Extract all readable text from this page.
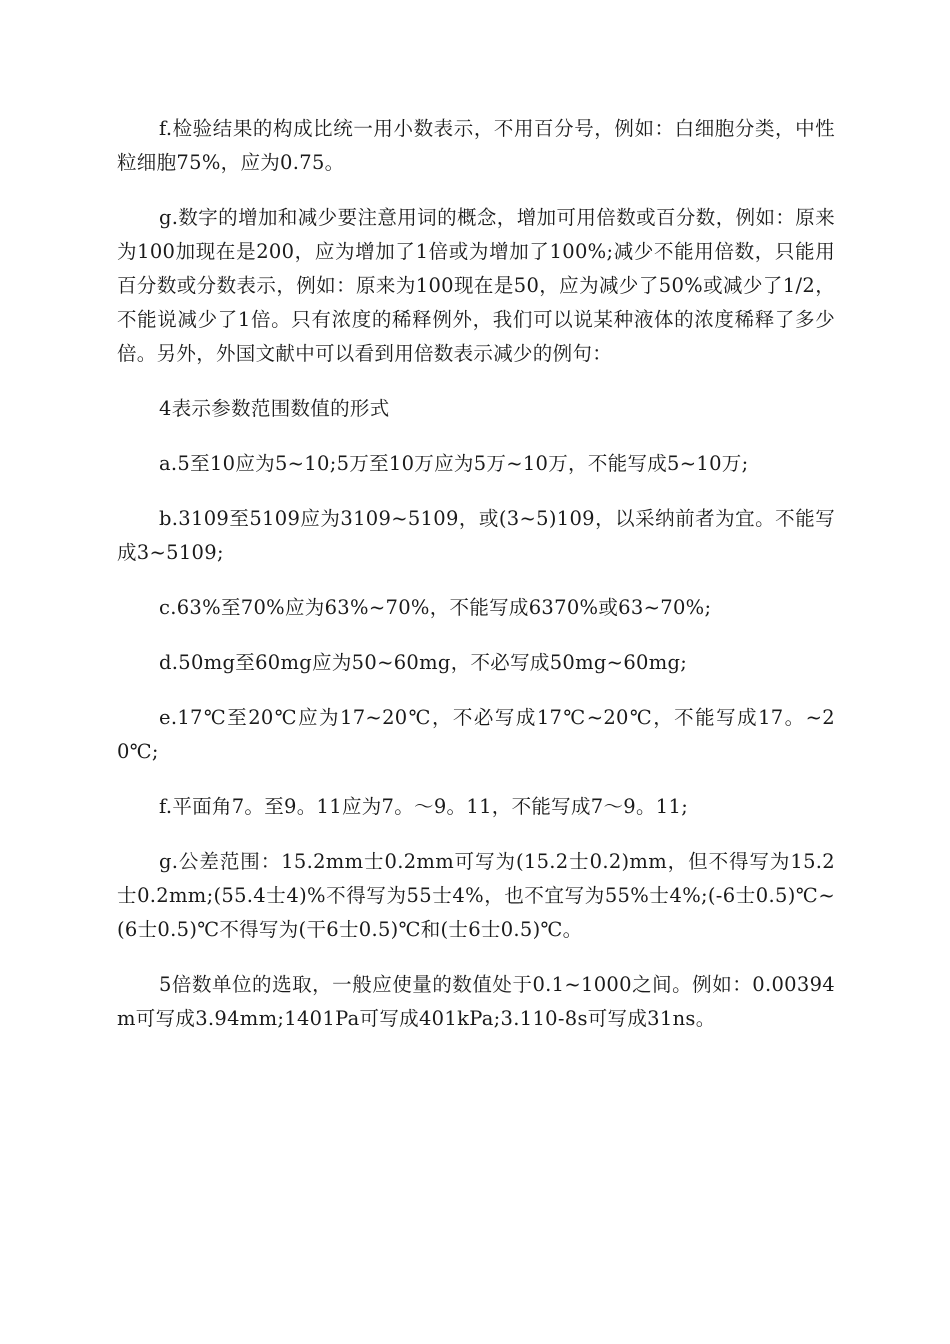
f.检验结果的构成比统一用小数表示，不用百分号，例如：白细胞分类，中性粒细胞75%，应为0.75。

g.数字的增加和减少要注意用词的概念，增加可用倍数或百分数，例如：原来为100加现在是200，应为增加了1倍或为增加了100%;减少不能用倍数，只能用百分数或分数表示，例如：原来为100现在是50，应为减少了50%或减少了1/2，不能说减少了1倍。只有浓度的稀释例外，我们可以说某种液体的浓度稀释了多少倍。另外，外国文献中可以看到用倍数表示减少的例句：

4表示参数范围数值的形式

a.5至10应为5~10;5万至10万应为5万~10万，不能写成5~10万;

b.3109至5109应为3109~5109，或(3~5)109，以采纳前者为宜。不能写成3~5109;

c.63%至70%应为63%~70%，不能写成6370%或63~70%;

d.50mg至60mg应为50~60mg，不必写成50mg~60mg;

e.17℃至20℃应为17~20℃，不必写成17℃~20℃，不能写成17。~20℃;

f.平面角7。至9。11应为7。～9。11，不能写成7～9。11;

g.公差范围：15.2mm士0.2mm可写为(15.2士0.2)mm，但不得写为15.2士0.2mm;(55.4士4)%不得写为55士4%，也不宜写为55%士4%;(-6士0.5)℃~(6士0.5)℃不得写为(干6士0.5)℃和(士6士0.5)℃。

5倍数单位的选取，一般应使量的数值处于0.1~1000之间。例如：0.00394m可写成3.94mm;1401Pa可写成401kPa;3.110-8s可写成31ns。
